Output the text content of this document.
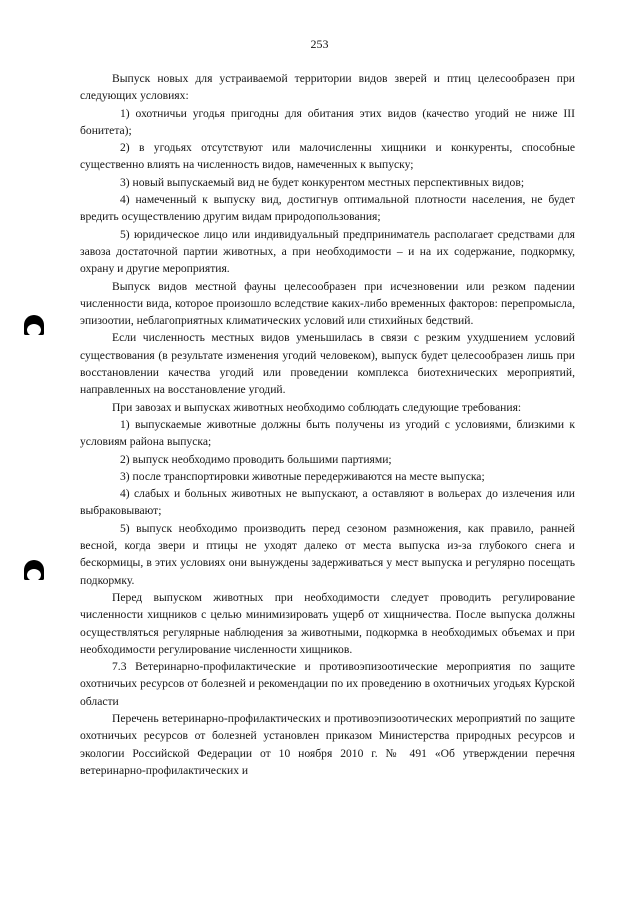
253

Выпуск новых для устраиваемой территории видов зверей и птиц целесообразен при следующих условиях:

1) охотничьи угодья пригодны для обитания этих видов (качество угодий не ниже III бонитета);

2) в угодьях отсутствуют или малочисленны хищники и конкуренты, способные существенно влиять на численность видов, намеченных к выпуску;

3) новый выпускаемый вид не будет конкурентом местных перспективных видов;

4) намеченный к выпуску вид, достигнув оптимальной плотности населения, не будет вредить осуществлению другим видам природопользования;

5) юридическое лицо или индивидуальный предприниматель располагает средствами для завоза достаточной партии животных, а при необходимости – и на их содержание, подкормку, охрану и другие мероприятия.

Выпуск видов местной фауны целесообразен при исчезновении или резком падении численности вида, которое произошло вследствие каких-либо временных факторов: перепромысла, эпизоотии, неблагоприятных климатических условий или стихийных бедствий.

Если численность местных видов уменьшилась в связи с резким ухудшением условий существования (в результате изменения угодий человеком), выпуск будет целесообразен лишь при восстановлении качества угодий или проведении комплекса биотехнических мероприятий, направленных на восстановление угодий.

При завозах и выпусках животных необходимо соблюдать следующие требования:

1) выпускаемые животные должны быть получены из угодий с условиями, близкими к условиям района выпуска;

2) выпуск необходимо проводить большими партиями;

3) после транспортировки животные передерживаются на месте выпуска;

4) слабых и больных животных не выпускают, а оставляют в вольерах до излечения или выбраковывают;

5) выпуск необходимо производить перед сезоном размножения, как правило, ранней весной, когда звери и птицы не уходят далеко от места выпуска из-за глубокого снега и бескормицы, в этих условиях они вынуждены задерживаться у мест выпуска и регулярно посещать подкормку.

Перед выпуском животных при необходимости следует проводить регулирование численности хищников с целью минимизировать ущерб от хищничества. После выпуска должны осуществляться регулярные наблюдения за животными, подкормка в необходимых объемах и при необходимости регулирование численности хищников.

7.3 Ветеринарно-профилактические и противоэпизоотические мероприятия по защите охотничьих ресурсов от болезней и рекомендации по их проведению в охотничьих угодьях Курской области

Перечень ветеринарно-профилактических и противоэпизоотических мероприятий по защите охотничьих ресурсов от болезней установлен приказом Министерства природных ресурсов и экологии Российской Федерации от 10 ноября 2010 г. № 491 «Об утверждении перечня ветеринарно-профилактических и
